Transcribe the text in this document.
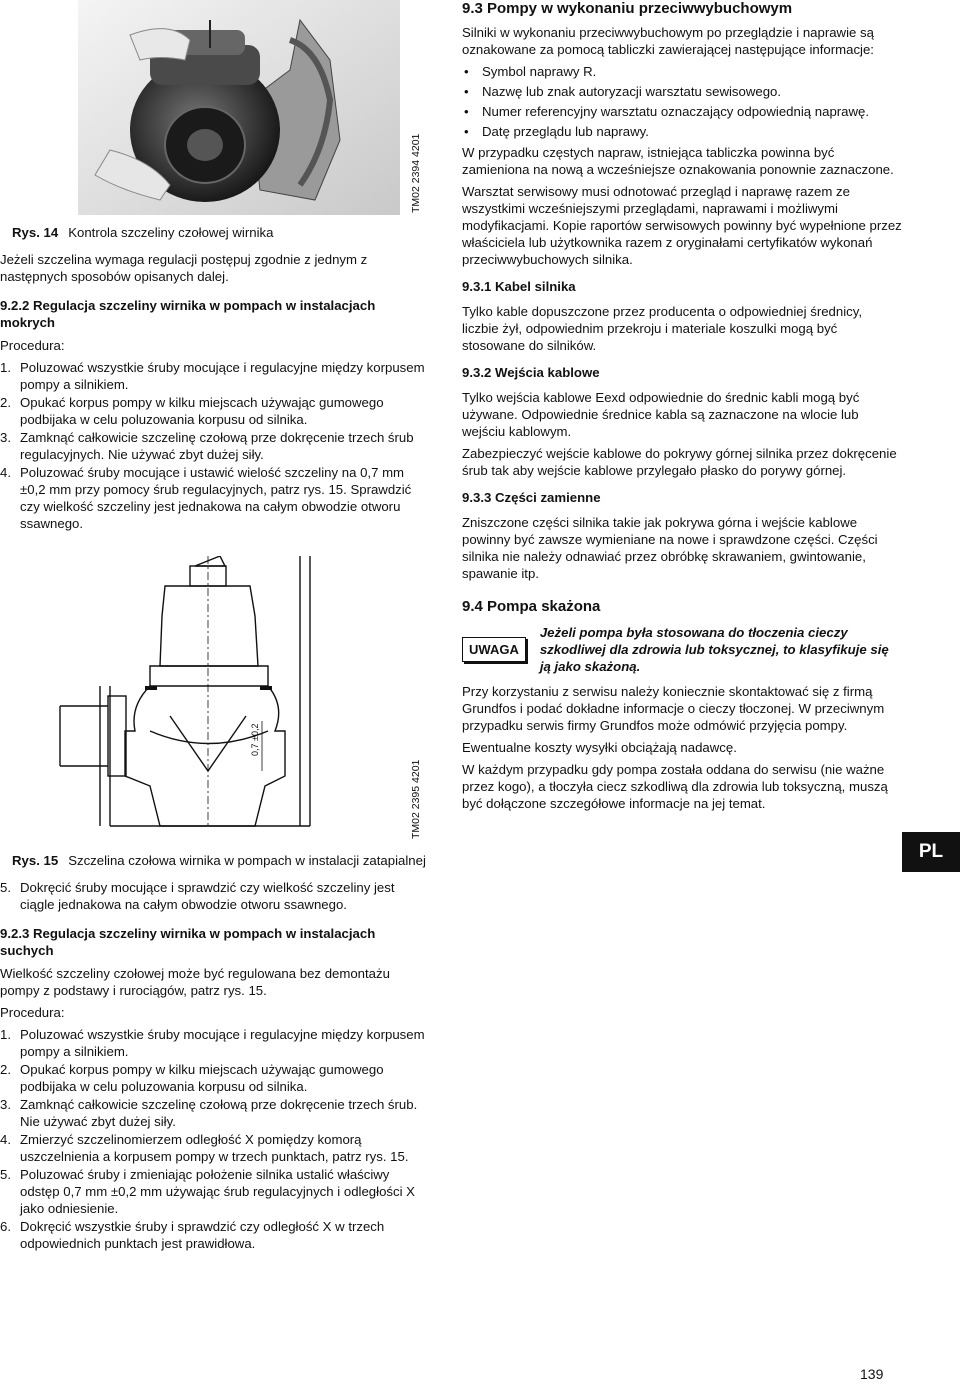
TM02 2394 4201
Rys. 14 Kontrola szczeliny czołowej wirnika

Jeżeli szczelina wymaga regulacji postępuj zgodnie z jednym z następnych sposobów opisanych dalej.

9.2.2 Regulacja szczeliny wirnika w pompach w instalacjach mokrych

Procedura:

1. Poluzować wszystkie śruby mocujące i regulacyjne między korpusem pompy a silnikiem.
2. Opukać korpus pompy w kilku miejscach używając gumowego podbijaka w celu poluzowania korpusu od silnika.
3. Zamknąć całkowicie szczelinę czołową prze dokręcenie trzech śrub regulacyjnych. Nie używać zbyt dużej siły.
4. Poluzować śruby mocujące i ustawić wielość szczeliny na 0,7 mm ±0,2 mm przy pomocy śrub regulacyjnych, patrz rys. 15. Sprawdzić czy wielkość szczeliny jest jednakowa na całym obwodzie otworu ssawnego.
0,7 ±0,2
TM02 2395 4201
Rys. 15 Szczelina czołowa wirnika w pompach w instalacji zatapialnej
5. Dokręcić śruby mocujące i sprawdzić czy wielkość szczeliny jest ciągle jednakowa na całym obwodzie otworu ssawnego.
9.2.3 Regulacja szczeliny wirnika w pompach w instalacjach suchych

Wielkość szczeliny czołowej może być regulowana bez demontażu pompy z podstawy i rurociągów, patrz rys. 15.

Procedura:

1. Poluzować wszystkie śruby mocujące i regulacyjne między korpusem pompy a silnikiem.
2. Opukać korpus pompy w kilku miejscach używając gumowego podbijaka w celu poluzowania korpusu od silnika.
3. Zamknąć całkowicie szczelinę czołową prze dokręcenie trzech śrub. Nie używać zbyt dużej siły.
4. Zmierzyć szczelinomierzem odległość X pomiędzy komorą uszczelnienia a korpusem pompy w trzech punktach, patrz rys. 15.
5. Poluzować śruby i zmieniając położenie silnika ustalić właściwy odstęp 0,7 mm ±0,2 mm używając śrub regulacyjnych i odległości X jako odniesienie.
6. Dokręcić wszystkie śruby i sprawdzić czy odległość X w trzech odpowiednich punktach jest prawidłowa.
9.3 Pompy w wykonaniu przeciwwybuchowym

Silniki w wykonaniu przeciwwybuchowym po przeglądzie i naprawie są oznakowane za pomocą tabliczki zawierającej następujące informacje:

• Symbol naprawy R.
• Nazwę lub znak autoryzacji warsztatu sewisowego.
• Numer referencyjny warsztatu oznaczający odpowiednią naprawę.
• Datę przeglądu lub naprawy.

W przypadku częstych napraw, istniejąca tabliczka powinna być zamieniona na nową a wcześniejsze oznakowania ponownie zaznaczone.

Warsztat serwisowy musi odnotować przegląd i naprawę razem ze wszystkimi wcześniejszymi przeglądami, naprawami i możliwymi modyfikacjami. Kopie raportów serwisowych powinny być wypełnione przez właściciela lub użytkownika razem z oryginałami certyfikatów wykonań przeciwwybuchowych silnika.

9.3.1 Kabel silnika

Tylko kable dopuszczone przez producenta o odpowiedniej średnicy, liczbie żył, odpowiednim przekroju i materiale koszulki mogą być stosowane do silników.

9.3.2 Wejścia kablowe

Tylko wejścia kablowe Eexd odpowiednie do średnic kabli mogą być używane. Odpowiednie średnice kabla są zaznaczone na wlocie lub wejściu kablowym.

Zabezpieczyć wejście kablowe do pokrywy górnej silnika przez dokręcenie śrub tak aby wejście kablowe przylegało płasko do porywy górnej.

9.3.3 Części zamienne

Zniszczone części silnika takie jak pokrywa górna i wejście kablowe powinny być zawsze wymieniane na nowe i sprawdzone części. Części silnika nie należy odnawiać przez obróbkę skrawaniem, gwintowanie, spawanie itp.

9.4 Pompa skażona
UWAGA
Jeżeli pompa była stosowana do tłoczenia cieczy szkodliwej dla zdrowia lub toksycznej, to klasyfikuje się ją jako skażoną.

Przy korzystaniu z serwisu należy koniecznie skontaktować się z firmą Grundfos i podać dokładne informacje o cieczy tłoczonej. W przeciwnym przypadku serwis firmy Grundfos może odmówić przyjęcia pompy.

Ewentualne koszty wysyłki obciążają nadawcę.

W każdym przypadku gdy pompa została oddana do serwisu (nie ważne przez kogo), a tłoczyła ciecz szkodliwą dla zdrowia lub toksyczną, muszą być dołączone szczegółowe informacje na jej temat.

PL
139
